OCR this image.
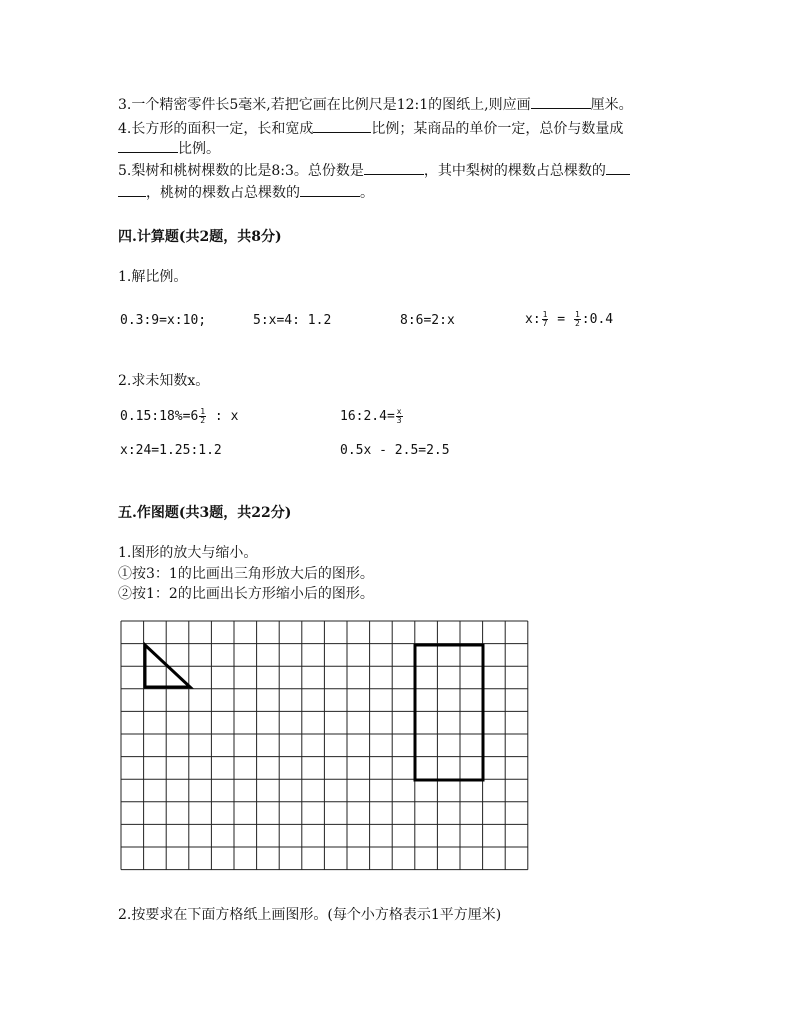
3.一个精密零件长5毫米,若把它画在比例尺是12:1的图纸上,则应画	厘米。
4.长方形的面积一定，长和宽成	比例；某商品的单价一定，总价与数量成
比例。
5.梨树和桃树棵数的比是8:3。总份数是	，其中梨树的棵数占总棵数的
，桃树的棵数占总棵数的	。
四.计算题(共2题，共8分)
1.解比例。
0.3:9=x:10;	5:x=4: 1.2	8:6=2:x	x: $\frac{1}{7} = \frac{1}{2}$ :0.4
2.求未知数x。
0.15:18%=6 $\frac{1}{2}$ : x	16:2.4= $\frac{x}{3}$
x:24=1.25:1.2	0.5x - 2.5=2.5
五.作图题(共3题，共22分)
1.图形的放大与缩小。
①按3：1的比画出三角形放大后的图形。
②按1：2的比画出长方形缩小后的图形。
2.按要求在下面方格纸上画图形。(每个小方格表示1平方厘米)
